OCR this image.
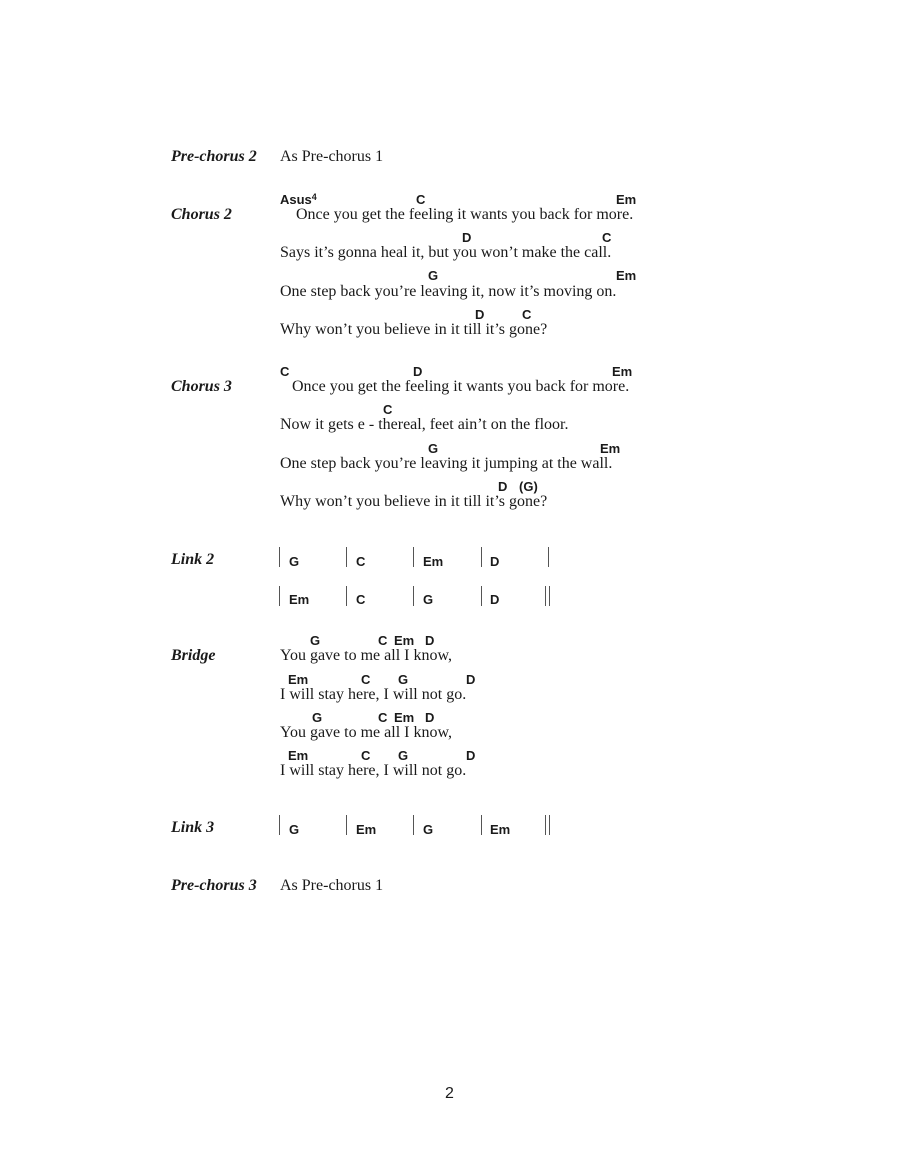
Pre-chorus 2 As Pre-chorus 1
Chorus 2
Asus$^4$	C	Em
Once you get the feeling it wants you back for more.
D	C
Says it’s gonna heal it, but you won’t make the call.
G	Em
One step back you’re leaving it, now it’s moving on.
D	C
Why won’t you believe in it till it’s gone?
Chorus 3
C	D	Em
Once you get the feeling it wants you back for more.
C
Now it gets e - thereal, feet ain’t on the floor.
G	Em
One step back you’re leaving it jumping at the wall.
D (G)
Why won’t you believe in it till it’s gone?
Link 2	G	C	Em	D
Em	C	G	D
Bridge
G	C Em D
You gave to me all I know,
Em	C G	D
I will stay here, I will not go.
G	C Em D
You gave to me all I know,
Em	C G	D
I will stay here, I will not go.
Link 3	G	Em	G	Em
Pre-chorus 3 As Pre-chorus 1
2
